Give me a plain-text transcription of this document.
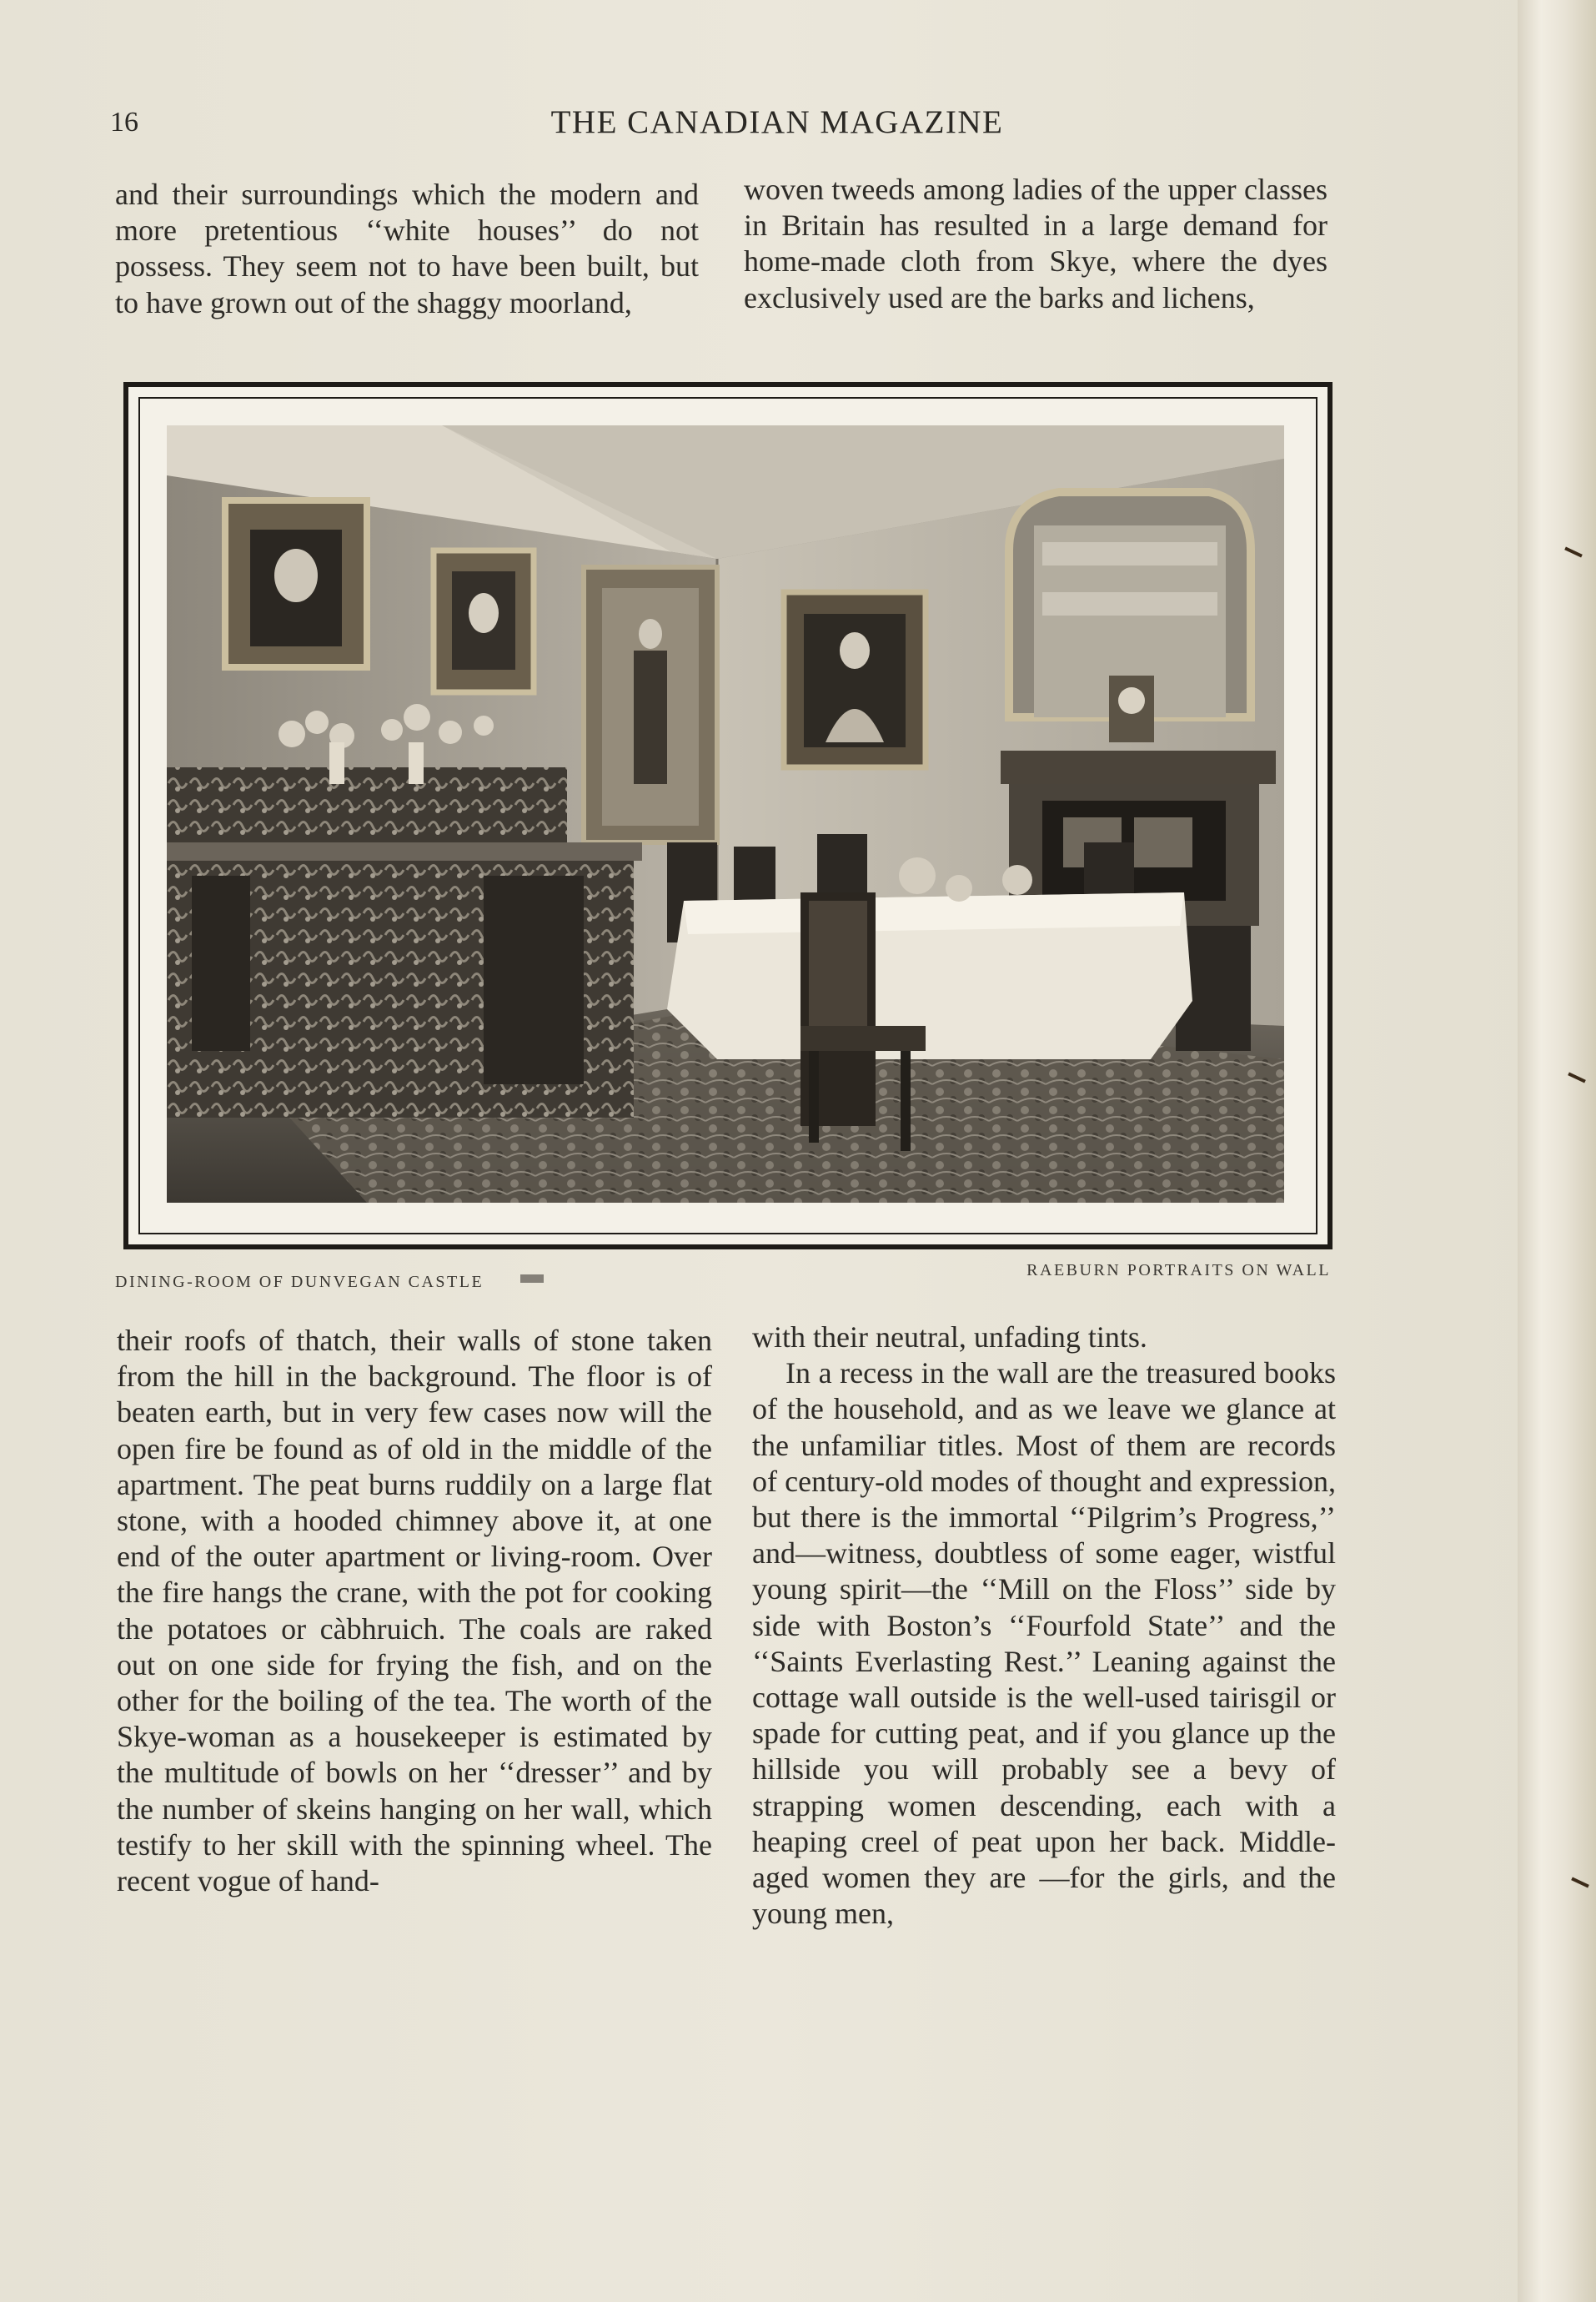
16	THE CANADIAN MAGAZINE

and their surroundings which the modern and more pretentious ‘‘white houses’’ do not possess. They seem not to have been built, but to have grown out of the shaggy moorland,

woven tweeds among ladies of the upper classes in Britain has resulted in a large demand for home-made cloth from Skye, where the dyes exclusively used are the barks and lichens,

DINING-ROOM OF DUNVEGAN CASTLE
RAEBURN PORTRAITS ON WALL

their roofs of thatch, their walls of stone taken from the hill in the background. The floor is of beaten earth, but in very few cases now will the open fire be found as of old in the middle of the apartment. The peat burns ruddily on a large flat stone, with a hooded chimney above it, at one end of the outer apartment or living-room. Over the fire hangs the crane, with the pot for cooking the potatoes or càbhruich. The coals are raked out on one side for frying the fish, and on the other for the boiling of the tea. The worth of the Skye-woman as a housekeeper is estimated by the multitude of bowls on her ‘‘dresser’’ and by the number of skeins hanging on her wall, which testify to her skill with the spinning wheel. The recent vogue of hand-

with their neutral, unfading tints.

In a recess in the wall are the treasured books of the household, and as we leave we glance at the unfamiliar titles. Most of them are records of century-old modes of thought and expression, but there is the immortal ‘‘Pilgrim’s Progress,’’ and—witness, doubtless of some eager, wistful young spirit—the ‘‘Mill on the Floss’’ side by side with Boston’s ‘‘Fourfold State’’ and the ‘‘Saints Everlasting Rest.’’ Leaning against the cottage wall outside is the well-used tairisgil or spade for cutting peat, and if you glance up the hillside you will probably see a bevy of strapping women descending, each with a heaping creel of peat upon her back. Middle-aged women they are —for the girls, and the young men,
